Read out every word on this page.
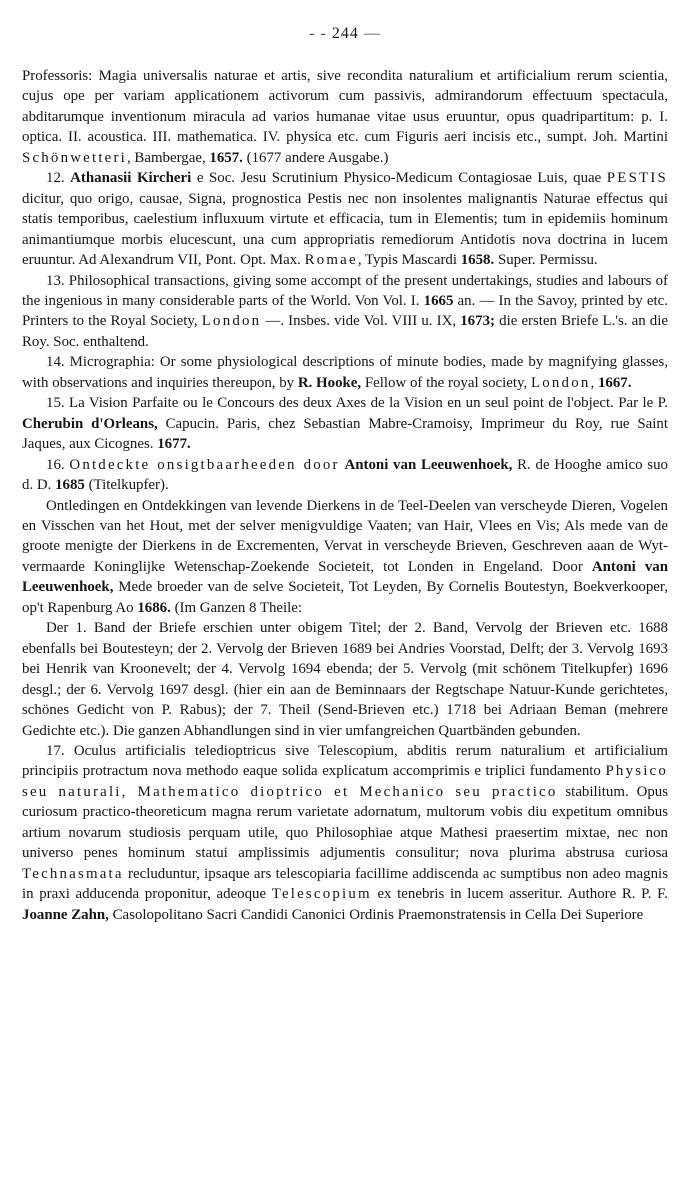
- - 244 —

Professoris: Magia universalis naturae et artis, sive recondita naturalium et artificialium rerum scientia, cujus ope per variam applicationem activorum cum passivis, admirandorum effectuum spectacula, abditarumque inventionum miracula ad varios humanae vitae usus eruuntur, opus quadripartitum: p. I. optica. II. acoustica. III. mathematica. IV. physica etc. cum Figuris aeri incisis etc., sumpt. Joh. Martini Schönwetteri, Bambergae, 1657. (1677 andere Ausgabe.)

12. Athanasii Kircheri e Soc. Jesu Scrutinium Physico-Medicum Contagiosae Luis, quae PESTIS dicitur, quo origo, causae, Signa, prognostica Pestis nec non insolentes malignantis Naturae effectus qui statis temporibus, caelestium influxuum virtute et efficacia, tum in Elementis; tum in epidemiis hominum animantiumque morbis elucescunt, una cum appropriatis remediorum Antidotis nova doctrina in lucem eruuntur. Ad Alexandrum VII, Pont. Opt. Max. Romae, Typis Mascardi 1658. Super. Permissu.

13. Philosophical transactions, giving some accompt of the present undertakings, studies and labours of the ingenious in many considerable parts of the World. Von Vol. I. 1665 an. — In the Savoy, printed by etc. Printers to the Royal Society, London —. Insbes. vide Vol. VIII u. IX, 1673; die ersten Briefe L.'s. an die Roy. Soc. enthaltend.

14. Micrographia: Or some physiological descriptions of minute bodies, made by magnifying glasses, with observations and inquiries thereupon, by R. Hooke, Fellow of the royal society, London, 1667.

15. La Vision Parfaite ou le Concours des deux Axes de la Vision en un seul point de l'object. Par le P. Cherubin d'Orleans, Capucin. Paris, chez Sebastian Mabre-Cramoisy, Imprimeur du Roy, rue Saint Jaques, aux Cicognes. 1677.

16. Ontdeckte onsigtbaarheeden door Antoni van Leeuwenhoek, R. de Hooghe amico suo d. D. 1685 (Titelkupfer).

Ontledingen en Ontdekkingen van levende Dierkens in de Teel-Deelen van verscheyde Dieren, Vogelen en Visschen van het Hout, met der selver menigvuldige Vaaten; van Hair, Vlees en Vis; Als mede van de groote menigte der Dierkens in de Excrementen, Vervat in verscheyde Brieven, Geschreven aaan de Wyt-vermaarde Koninglijke Wetenschap-Zoekende Societeit, tot Londen in Engeland. Door Antoni van Leeuwenhoek, Mede broeder van de selve Societeit, Tot Leyden, By Cornelis Boutestyn, Boekverkooper, op't Rapenburg Ao 1686. (Im Ganzen 8 Theile:

Der 1. Band der Briefe erschien unter obigem Titel; der 2. Band, Vervolg der Brieven etc. 1688 ebenfalls bei Boutesteyn; der 2. Vervolg der Brieven 1689 bei Andries Voorstad, Delft; der 3. Vervolg 1693 bei Henrik van Kroonevelt; der 4. Vervolg 1694 ebenda; der 5. Vervolg (mit schönem Titelkupfer) 1696 desgl.; der 6. Vervolg 1697 desgl. (hier ein aan de Beminnaars der Regtschape Natuur-Kunde gerichtetes, schönes Gedicht von P. Rabus); der 7. Theil (Send-Brieven etc.) 1718 bei Adriaan Beman (mehrere Gedichte etc.). Die ganzen Abhandlungen sind in vier umfangreichen Quartbänden gebunden.

17. Oculus artificialis teledioptricus sive Telescopium, abditis rerum naturalium et artificialium principiis protractum nova methodo eaque solida explicatum accomprimis e triplici fundamento Physico seu naturali, Mathematico dioptrico et Mechanico seu practico stabilitum. Opus curiosum practico-theoreticum magna rerum varietate adornatum, multorum vobis diu expetitum omnibus artium novarum studiosis perquam utile, quo Philosophiae atque Mathesi praesertim mixtae, nec non universo penes hominum statui amplissimis adjumentis consulitur; nova plurima abstrusa curiosa Technasmata recluduntur, ipsaque ars telescopiaria facillime addiscenda ac sumptibus non adeo magnis in praxi adducenda proponitur, adeoque Telescopium ex tenebris in lucem asseritur. Authore R. P. F. Joanne Zahn, Casolopolitano Sacri Candidi Canonici Ordinis Praemonstratensis in Cella Dei Superiore
